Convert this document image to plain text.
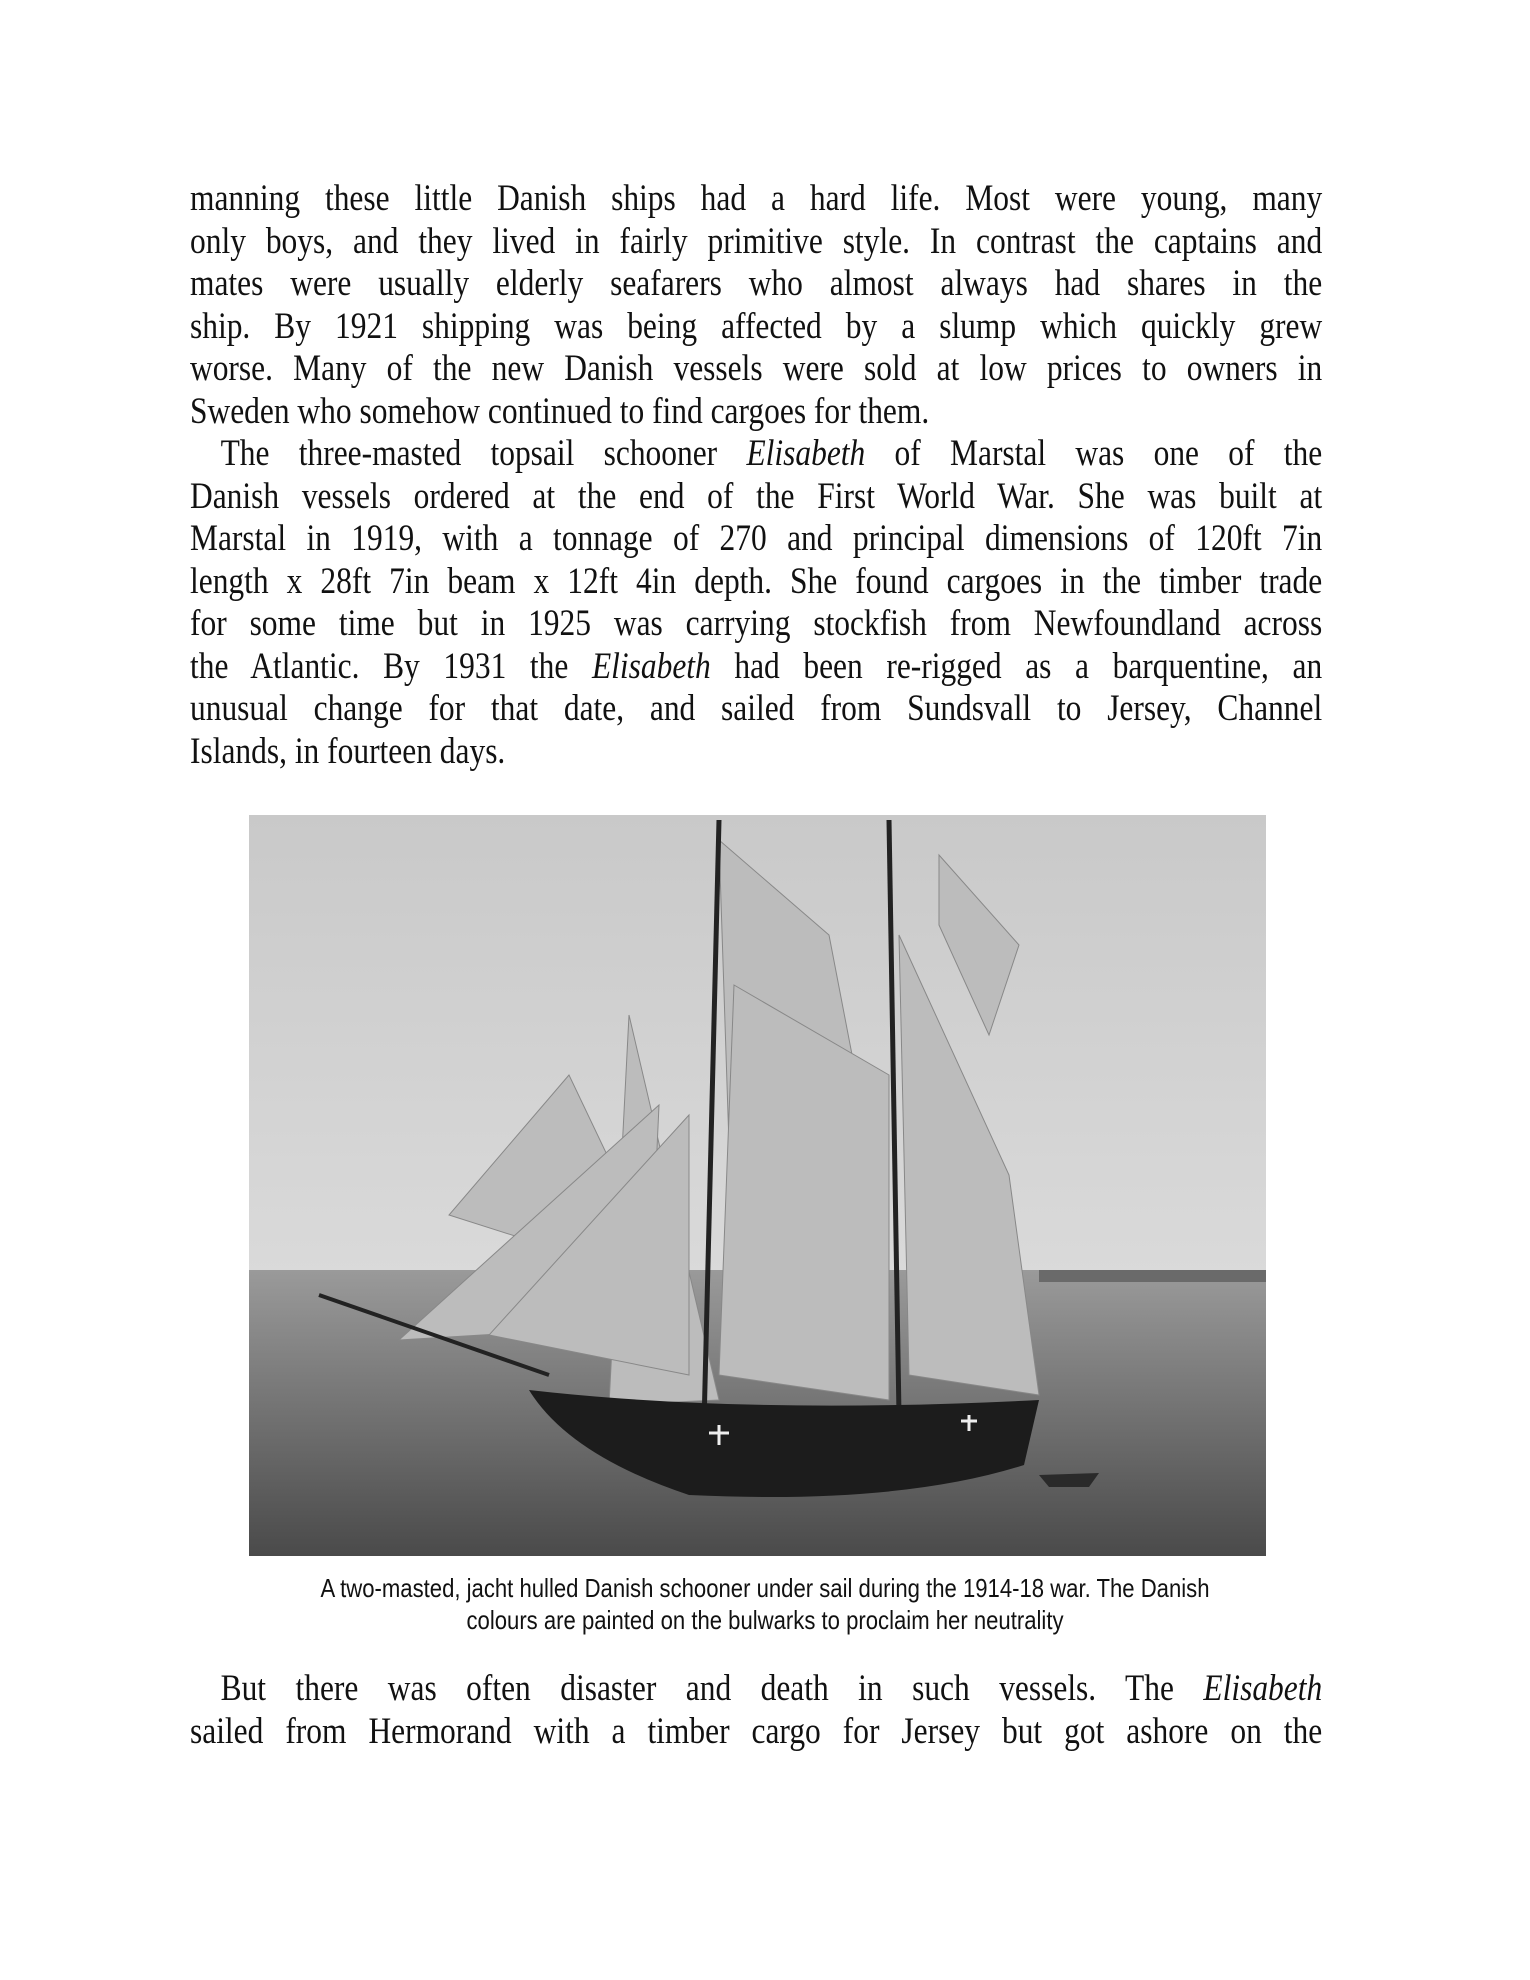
manning these little Danish ships had a hard life. Most were young, many
only boys, and they lived in fairly primitive style. In contrast the captains and
mates were usually elderly seafarers who almost always had shares in the
ship. By 1921 shipping was being affected by a slump which quickly grew
worse. Many of the new Danish vessels were sold at low prices to owners in
Sweden who somehow continued to find cargoes for them.
The three-masted topsail schooner Elisabeth of Marstal was one of the
Danish vessels ordered at the end of the First World War. She was built at
Marstal in 1919, with a tonnage of 270 and principal dimensions of 120ft 7in
length x 28ft 7in beam x 12ft 4in depth. She found cargoes in the timber trade
for some time but in 1925 was carrying stockfish from Newfoundland across
the Atlantic. By 1931 the Elisabeth had been re-rigged as a barquentine, an
unusual change for that date, and sailed from Sundsvall to Jersey, Channel
Islands, in fourteen days.
A two-masted, jacht hulled Danish schooner under sail during the 1914-18 war. The Danish
colours are painted on the bulwarks to proclaim her neutrality
But there was often disaster and death in such vessels. The Elisabeth
sailed from Hermorand with a timber cargo for Jersey but got ashore on the
